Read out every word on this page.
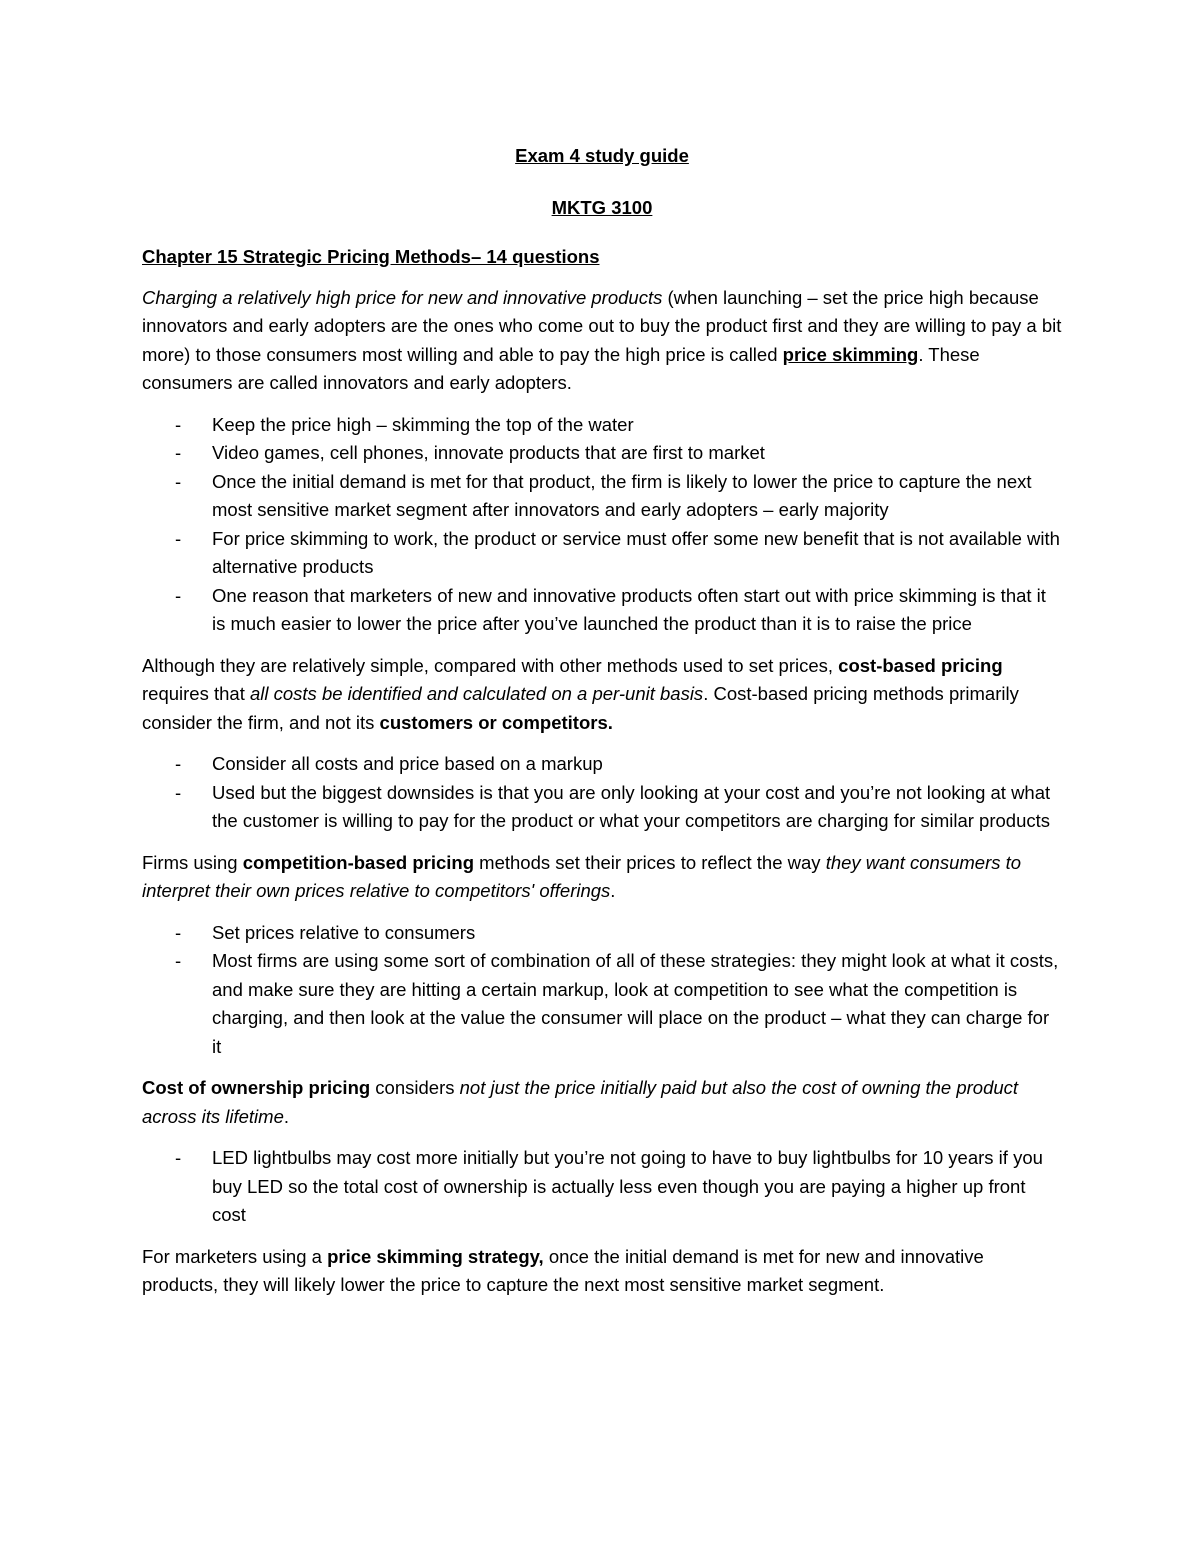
Exam 4 study guide

MKTG 3100

Chapter 15 Strategic Pricing Methods– 14 questions

Charging a relatively high price for new and innovative products (when launching – set the price high because innovators and early adopters are the ones who come out to buy the product first and they are willing to pay a bit more) to those consumers most willing and able to pay the high price is called price skimming. These consumers are called innovators and early adopters.

- Keep the price high – skimming the top of the water
- Video games, cell phones, innovate products that are first to market
- Once the initial demand is met for that product, the firm is likely to lower the price to capture the next most sensitive market segment after innovators and early adopters – early majority
- For price skimming to work, the product or service must offer some new benefit that is not available with alternative products
- One reason that marketers of new and innovative products often start out with price skimming is that it is much easier to lower the price after you’ve launched the product than it is to raise the price

Although they are relatively simple, compared with other methods used to set prices, cost-based pricing requires that all costs be identified and calculated on a per-unit basis. Cost-based pricing methods primarily consider the firm, and not its customers or competitors.

- Consider all costs and price based on a markup
- Used but the biggest downsides is that you are only looking at your cost and you’re not looking at what the customer is willing to pay for the product or what your competitors are charging for similar products

Firms using competition-based pricing methods set their prices to reflect the way they want consumers to interpret their own prices relative to competitors' offerings.

- Set prices relative to consumers
- Most firms are using some sort of combination of all of these strategies: they might look at what it costs, and make sure they are hitting a certain markup, look at competition to see what the competition is charging, and then look at the value the consumer will place on the product – what they can charge for it

Cost of ownership pricing considers not just the price initially paid but also the cost of owning the product across its lifetime.

- LED lightbulbs may cost more initially but you’re not going to have to buy lightbulbs for 10 years if you buy LED so the total cost of ownership is actually less even though you are paying a higher up front cost

For marketers using a price skimming strategy, once the initial demand is met for new and innovative products, they will likely lower the price to capture the next most sensitive market segment.
